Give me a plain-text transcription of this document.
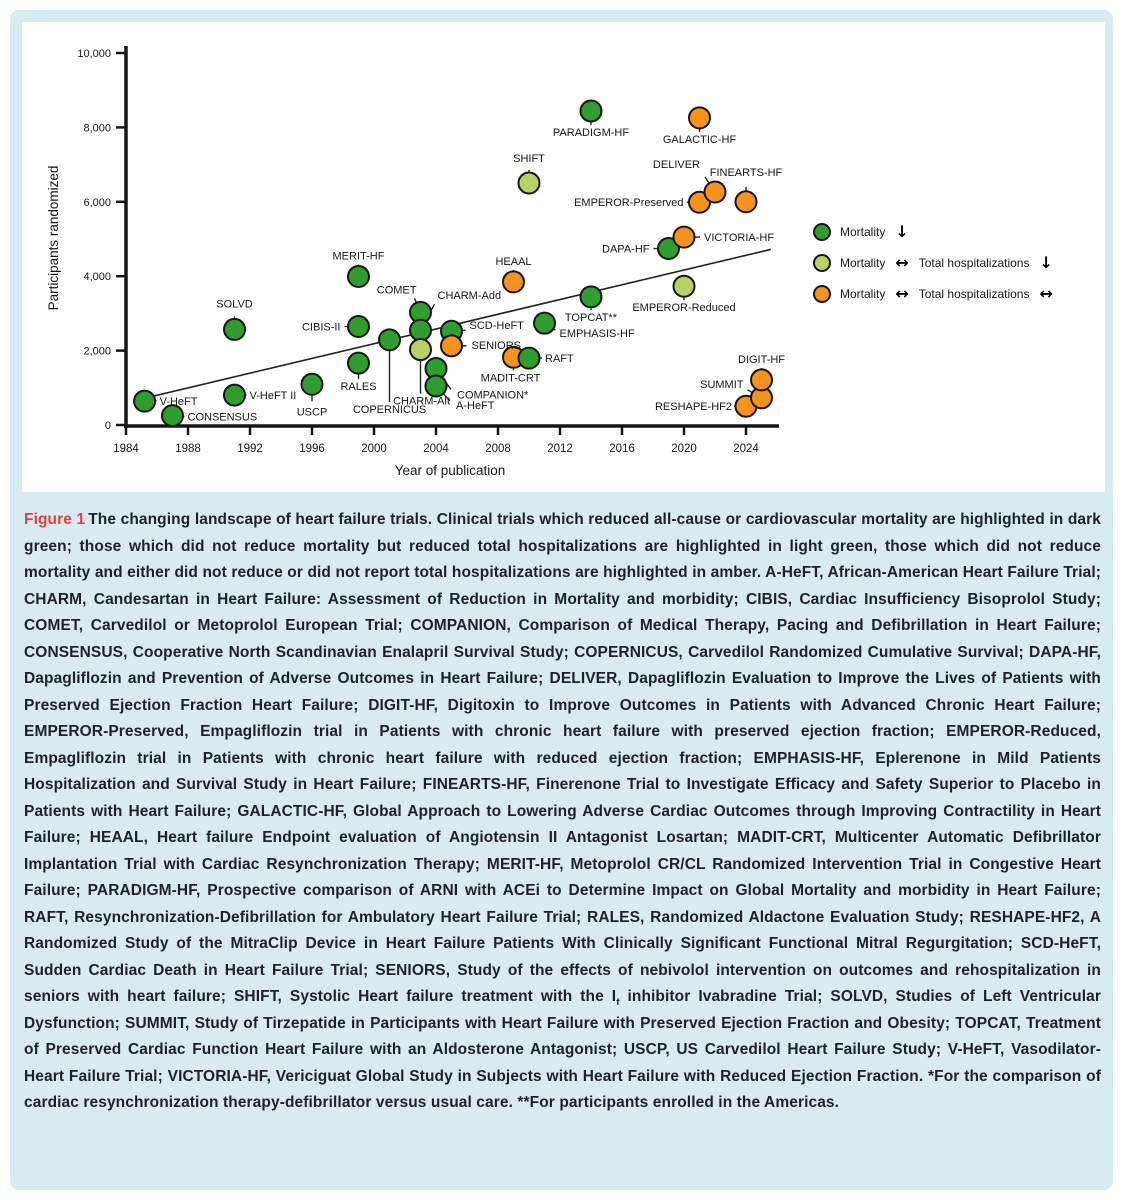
0
2,000
4,000
6,000
8,000
10,000
1984	1988	1992	1996	2000	2004	2008	2012	2016	2020	2024
Participants randomized
Year of publication
V-HeFT
CONSENSUS
SOLVD
V-HeFT II
USCP
CIBIS-II
RALES
MERIT-HF
COPERNICUS
COMET CHARM-Add
CHARM-Alt
SCD-HeFT
SENIORS
COMPANION*
A-HeFT
MADIT-CRT
RAFT
EMPHASIS-HF
HEAAL
SHIFT
TOPCAT**
PARADIGM-HF
DAPA-HF
EMPEROR-Reduced
VICTORIA-HF
EMPEROR-Preserved
GALACTIC-HF
DELIVER
FINEARTS-HF
RESHAPE-HF2
SUMMIT
DIGIT-HF
Mortality ↓
Mortality ↔ Total hospitalizations ↓
Mortality ↔ Total hospitalizations ↔

Figure 1 The changing landscape of heart failure trials. Clinical trials which reduced all-cause or cardiovascular mortality are highlighted in dark green; those which did not reduce mortality but reduced total hospitalizations are highlighted in light green, those which did not reduce mortality and either did not reduce or did not report total hospitalizations are highlighted in amber. A-HeFT, African-American Heart Failure Trial; CHARM, Candesartan in Heart Failure: Assessment of Reduction in Mortality and morbidity; CIBIS, Cardiac Insufficiency Bisoprolol Study; COMET, Carvedilol or Metoprolol European Trial; COMPANION, Comparison of Medical Therapy, Pacing and Defibrillation in Heart Failure; CONSENSUS, Cooperative North Scandinavian Enalapril Survival Study; COPERNICUS, Carvedilol Randomized Cumulative Survival; DAPA-HF, Dapagliflozin and Prevention of Adverse Outcomes in Heart Failure; DELIVER, Dapagliflozin Evaluation to Improve the Lives of Patients with Preserved Ejection Fraction Heart Failure; DIGIT-HF, Digitoxin to Improve Outcomes in Patients with Advanced Chronic Heart Failure; EMPEROR-Preserved, Empagliflozin trial in Patients with chronic heart failure with preserved ejection fraction; EMPEROR-Reduced, Empagliflozin trial in Patients with chronic heart failure with reduced ejection fraction; EMPHASIS-HF, Eplerenone in Mild Patients Hospitalization and Survival Study in Heart Failure; FINEARTS-HF, Finerenone Trial to Investigate Efficacy and Safety Superior to Placebo in Patients with Heart Failure; GALACTIC-HF, Global Approach to Lowering Adverse Cardiac Outcomes through Improving Contractility in Heart Failure; HEAAL, Heart failure Endpoint evaluation of Angiotensin II Antagonist Losartan; MADIT-CRT, Multicenter Automatic Defibrillator Implantation Trial with Cardiac Resynchronization Therapy; MERIT-HF, Metoprolol CR/CL Randomized Intervention Trial in Congestive Heart Failure; PARADIGM-HF, Prospective comparison of ARNI with ACEi to Determine Impact on Global Mortality and morbidity in Heart Failure; RAFT, Resynchronization-Defibrillation for Ambulatory Heart Failure Trial; RALES, Randomized Aldactone Evaluation Study; RESHAPE-HF2, A Randomized Study of the MitraClip Device in Heart Failure Patients With Clinically Significant Functional Mitral Regurgitation; SCD-HeFT, Sudden Cardiac Death in Heart Failure Trial; SENIORS, Study of the effects of nebivolol intervention on outcomes and rehospitalization in seniors with heart failure; SHIFT, Systolic Heart failure treatment with the $I_f$ inhibitor Ivabradine Trial; SOLVD, Studies of Left Ventricular Dysfunction; SUMMIT, Study of Tirzepatide in Participants with Heart Failure with Preserved Ejection Fraction and Obesity; TOPCAT, Treatment of Preserved Cardiac Function Heart Failure with an Aldosterone Antagonist; USCP, US Carvedilol Heart Failure Study; V-HeFT, Vasodilator-Heart Failure Trial; VICTORIA-HF, Vericiguat Global Study in Subjects with Heart Failure with Reduced Ejection Fraction. *For the comparison of cardiac resynchronization therapy-defibrillator versus usual care. **For participants enrolled in the Americas.
